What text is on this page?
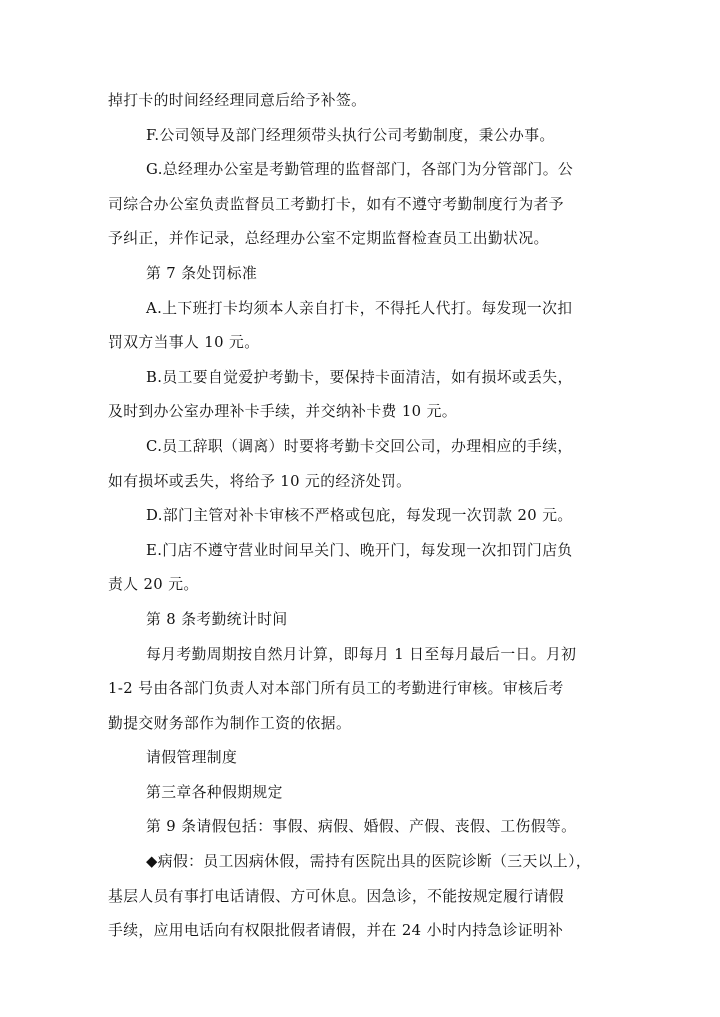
掉打卡的时间经经理同意后给予补签。
F.公司领导及部门经理须带头执行公司考勤制度，秉公办事。
G.总经理办公室是考勤管理的监督部门，各部门为分管部门。公
司综合办公室负责监督员工考勤打卡，如有不遵守考勤制度行为者予
予纠正，并作记录，总经理办公室不定期监督检查员工出勤状况。
第 7 条处罚标准
A.上下班打卡均须本人亲自打卡，不得托人代打。每发现一次扣
罚双方当事人 10 元。
B.员工要自觉爱护考勤卡，要保持卡面清洁，如有损坏或丢失，
及时到办公室办理补卡手续，并交纳补卡费 10 元。
C.员工辞职（调离）时要将考勤卡交回公司，办理相应的手续，
如有损坏或丢失，将给予 10 元的经济处罚。
D.部门主管对补卡审核不严格或包庇，每发现一次罚款 20 元。
E.门店不遵守营业时间早关门、晚开门，每发现一次扣罚门店负
责人 20 元。
第 8 条考勤统计时间
每月考勤周期按自然月计算，即每月 1 日至每月最后一日。月初
1-2 号由各部门负责人对本部门所有员工的考勤进行审核。审核后考
勤提交财务部作为制作工资的依据。
请假管理制度
第三章各种假期规定
第 9 条请假包括：事假、病假、婚假、产假、丧假、工伤假等。
◆病假：员工因病休假，需持有医院出具的医院诊断（三天以上），
基层人员有事打电话请假、方可休息。因急诊，不能按规定履行请假
手续，应用电话向有权限批假者请假，并在 24 小时内持急诊证明补
